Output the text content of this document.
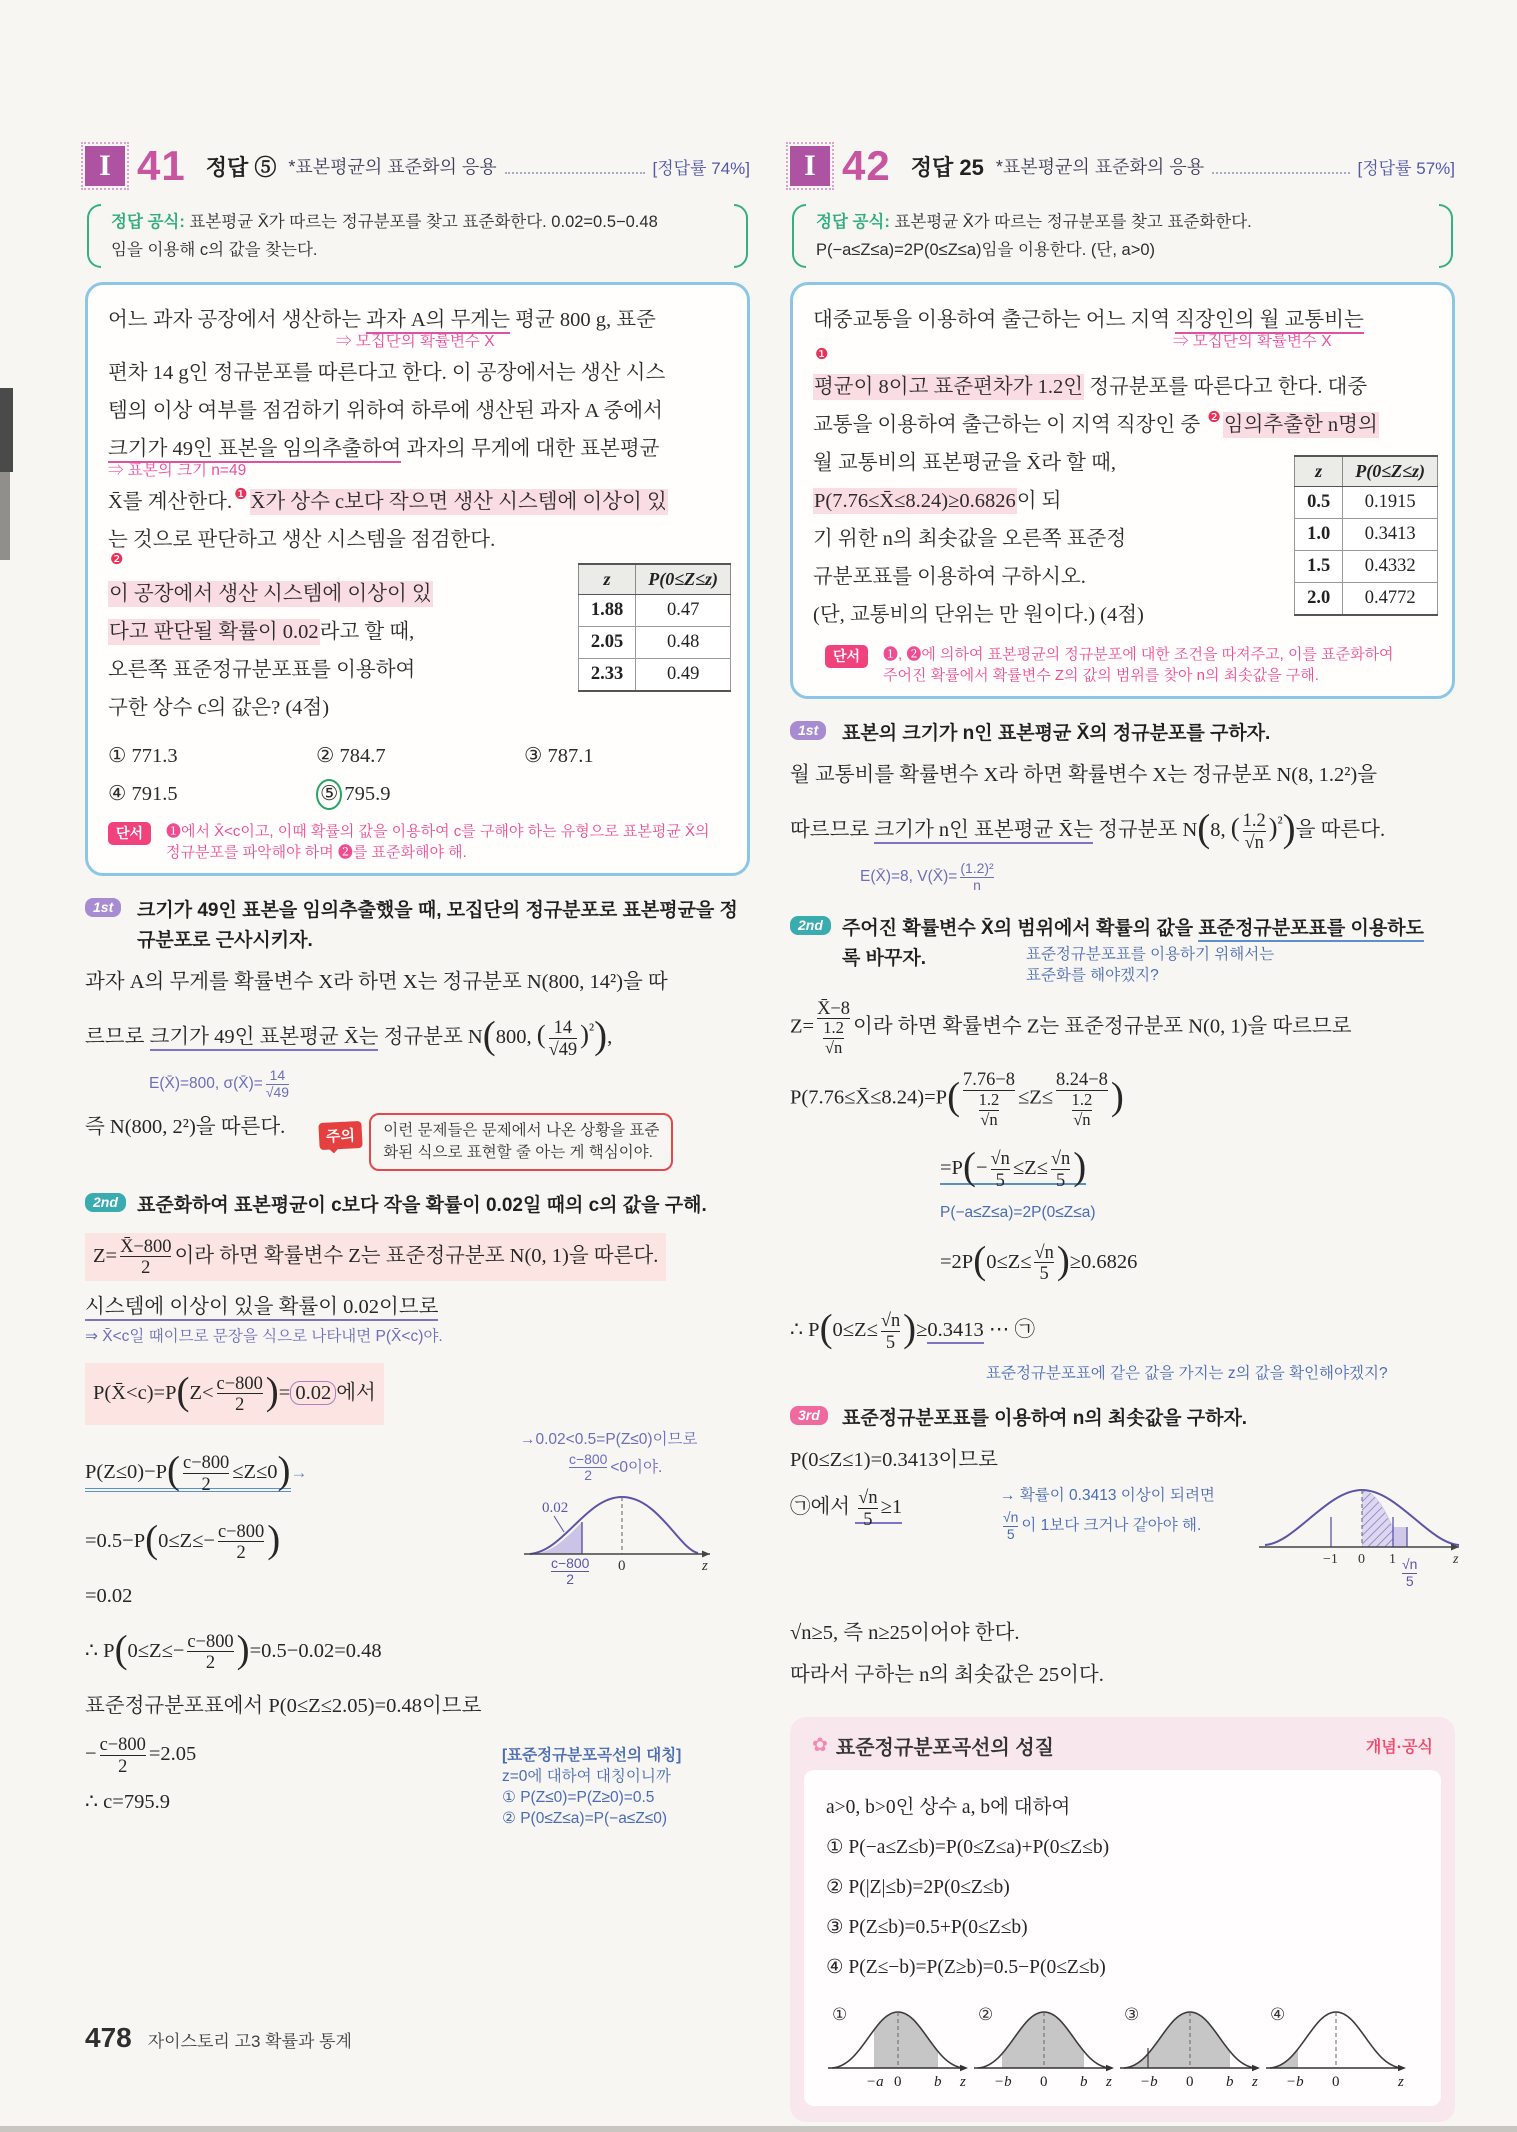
I 41 정답 ⑤ *표본평균의 표준화의 응용	[정답률 74%]
정답 공식: 표본평균 X̄가 따르는 정규분포를 찾고 표준화한다. 0.02=0.5−0.48
임을 이용해 c의 값을 찾는다.
z	P(0≤Z≤z)
1.88	0.47
2.05	0.48
2.33	0.49
어느 과자 공장에서 생산하는 과자 A의 무게는 평균 800 g, 표준
⇒ 모집단의 확률변수 X
편차 14 g인 정규분포를 따른다고 한다. 이 공장에서는 생산 시스
템의 이상 여부를 점검하기 위하여 하루에 생산된 과자 A 중에서
크기가 49인 표본을 임의추출하여 과자의 무게에 대한 표본평균
⇒ 표본의 크기 n=49
X̄를 계산한다. $^❶$ X̄가 상수 c보다 작으면 생산 시스템에 이상이 있
는 것으로 판단하고 생산 시스템을 점검한다.
❷
이 공장에서 생산 시스템에 이상이 있
다고 판단될 확률이 0.02라고 할 때,
오른쪽 표준정규분포표를 이용하여
구한 상수 c의 값은? (4점)
① 771.3	② 784.7	③ 787.1
④ 791.5	⑤ 795.9
단서	❶에서 X̄<c이고, 이때 확률의 값을 이용하여 c를 구해야 하는 유형으로 표본평균 X̄의
정규분포를 파악해야 하며 ❷를 표준화해야 해.
1st	크기가 49인 표본을 임의추출했을 때, 모집단의 정규분포로 표본평균을 정
규분포로 근사시키자.
과자 A의 무게를 확률변수 X라 하면 X는 정규분포 N(800, 14²)을 따
르므로 크기가 49인 표본평균 X̄는 정규분포 N(800, ( $\frac{14}{√49} )^{^2}$),
E(X̄)=800, σ(X̄)= $\frac{14}{√49}$
즉 N(800, 2²)을 따른다.	주의	이런 문제들은 문제에서 나온 상황을 표준
화된 식으로 표현할 줄 아는 게 핵심이야.
2nd	표준화하여 표본평균이 c보다 작을 확률이 0.02일 때의 c의 값을 구해.
$Z= \frac{X̄-800}{2}$ 이라 하면 확률변수 Z는 표준정규분포 N(0, 1)을 따른다.
시스템에 이상이 있을 확률이 0.02이므로
⇒ X̄<c일 때이므로 문장을 식으로 나타내면 P(X̄<c)야.
P(X̄<c)=P(Z< $\frac{c-800}{2}$ )= 0.02 에서
→0.02<0.5=P(Z≤0)이므로
$\frac{c-800}{2} <0$이야.
0.02
0	z
$\frac{c-800}{2}$
$P(Z\le 0)-P( \frac{c-800}{2} \le Z\le 0)\to$
[표준정규분포곡선의 대칭]
z=0에 대하여 대칭이니까
① P(Z≤0)=P(Z≥0)=0.5
② P(0≤Z≤a)=P(−a≤Z≤0)
$=0.5-P(0\le Z\le- \frac{c-800}{2}$ )
=0.02
∴ $P(0\le Z\le- \frac{c-800}{2} )=0.5-0.02=0.48$
표준정규분포표에서 P(0≤Z≤2.05)=0.48이므로
− $\frac{c-800}{2} =2.05$
∴ c=795.9
I 42 정답 25 *표본평균의 표준화의 응용	[정답률 57%]
정답 공식: 표본평균 X̄가 따르는 정규분포를 찾고 표준화한다.
P(−a≤Z≤a)=2P(0≤Z≤a)임을 이용한다. (단, a>0)
z	P(0≤Z≤z)
0.5	0.1915
1.0	0.3413
1.5	0.4332
2.0	0.4772
대중교통을 이용하여 출근하는 어느 지역 직장인의 월 교통비는
⇒ 모집단의 확률변수 X
❶
평균이 8이고 표준편차가 1.2인 정규분포를 따른다고 한다. 대중
교통을 이용하여 출근하는 이 지역 직장인 중 $^❷$ 임의추출한 n명의
월 교통비의 표본평균을 X̄라 할 때,
P(7.76≤X̄≤8.24)≥0.6826이 되
기 위한 n의 최솟값을 오른쪽 표준정
규분포표를 이용하여 구하시오.
(단, 교통비의 단위는 만 원이다.) (4점)
단서	❶, ❷에 의하여 표본평균의 정규분포에 대한 조건을 따져주고, 이를 표준화하여
주어진 확률에서 확률변수 Z의 값의 범위를 찾아 n의 최솟값을 구해.
1st	표본의 크기가 n인 표본평균 X̄의 정규분포를 구하자.
월 교통비를 확률변수 X라 하면 확률변수 X는 정규분포 N(8, 1.2²)을
따르므로 크기가 n인 표본평균 X̄는 정규분포 N(8, ( $\frac{1.2}{√n} )^{^2}$)을 따른다.
E(X̄)=8, V(X̄)= $\frac{\text{(1.2)²}}{n}$
2nd	주어진 확률변수 X̄의 범위에서 확률의 값을 표준정규분포표를 이용하도
록 바꾸자.	표준정규분포표를 이용하기 위해서는
표준화를 해야겠지?
$Z= \frac{X̄-8}{\frac{1.2}{√n}}$ 이라 하면 확률변수 Z는 표준정규분포 N(0, 1)을 따르므로
P(7.76≤X̄≤8.24)=P( $\frac{7.76-8}{\frac{1.2}{√n}} \le Z\le \frac{8.24-8}{\frac{1.2}{√n}}$ )
$=P(- \frac{√n}{5} \le Z\le \frac{√n}{5}$ )
P(−a≤Z≤a)=2P(0≤Z≤a)
$=2P(0\le Z\le \frac{√n}{5} )\ge 0.6826$
∴ $P(0\le Z\le \frac{√n}{5} )\ge 0.3413$ ⋯ ㉠
표준정규분포표에 같은 값을 가지는 z의 값을 확인해야겠지?
3rd	표준정규분포표를 이용하여 n의 최솟값을 구하자.
P(0≤Z≤1)=0.3413이므로
㉠에서 $\frac{√n}{5} \ge 1$
→ 확률이 0.3413 이상이 되려면
$\frac{√n}{5}$ 이 1보다 크거나 같아야 해.
−1 0 1	z
$\frac{√n}{5}$
√n≥5, 즉 n≥25이어야 한다.
따라서 구하는 n의 최솟값은 25이다.
✿ 표준정규분포곡선의 성질	개념·공식
a>0, b>0인 상수 a, b에 대하여
① P(−a≤Z≤b)=P(0≤Z≤a)+P(0≤Z≤b)
② P(|Z|≤b)=2P(0≤Z≤b)
③ P(Z≤b)=0.5+P(0≤Z≤b)
④ P(Z≤−b)=P(Z≥b)=0.5−P(0≤Z≤b)
①
−a 0 b z
②
−b 0 b z
③
−b 0 b z
④
−b 0	z
478 자이스토리 고3 확률과 통계
